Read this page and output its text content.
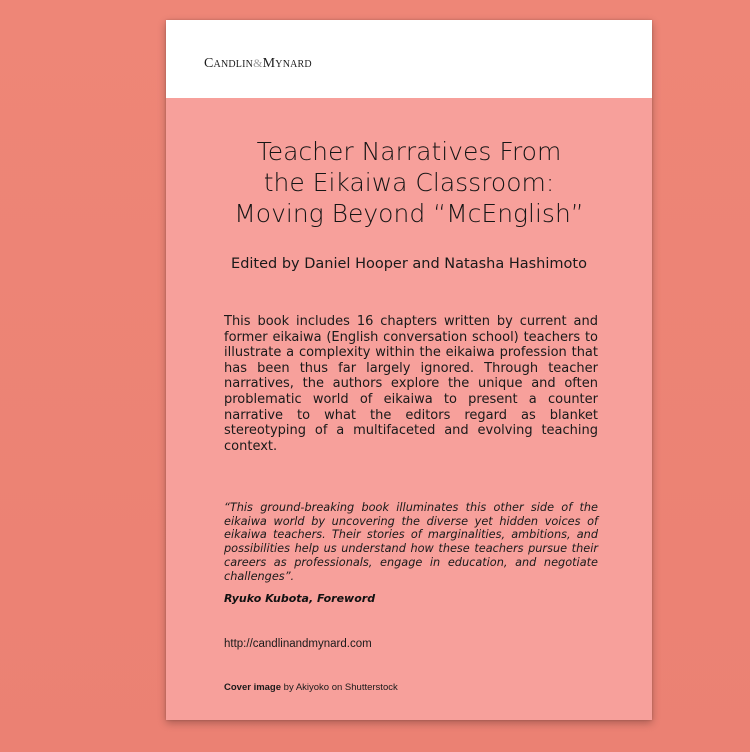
Candlin&Mynard
Teacher Narratives From
the Eikaiwa Classroom:
Moving Beyond “McEnglish”
Edited by Daniel Hooper and Natasha Hashimoto
This book includes 16 chapters written by current and former eikaiwa (English conversation school) teachers to illustrate a complexity within the eikaiwa profession that has been thus far largely ignored. Through teacher narratives, the authors explore the unique and often problematic world of eikaiwa to present a counter narrative to what the editors regard as blanket stereotyping of a multifaceted and evolving teaching context.
“This ground-breaking book illuminates this other side of the eikaiwa world by uncovering the diverse yet hidden voices of eikaiwa teachers. Their stories of marginalities, ambitions, and possibilities help us understand how these teachers pursue their careers as professionals, engage in education, and negotiate challenges”.
Ryuko Kubota, Foreword
http://candlinandmynard.com
Cover image by Akiyoko on Shutterstock
